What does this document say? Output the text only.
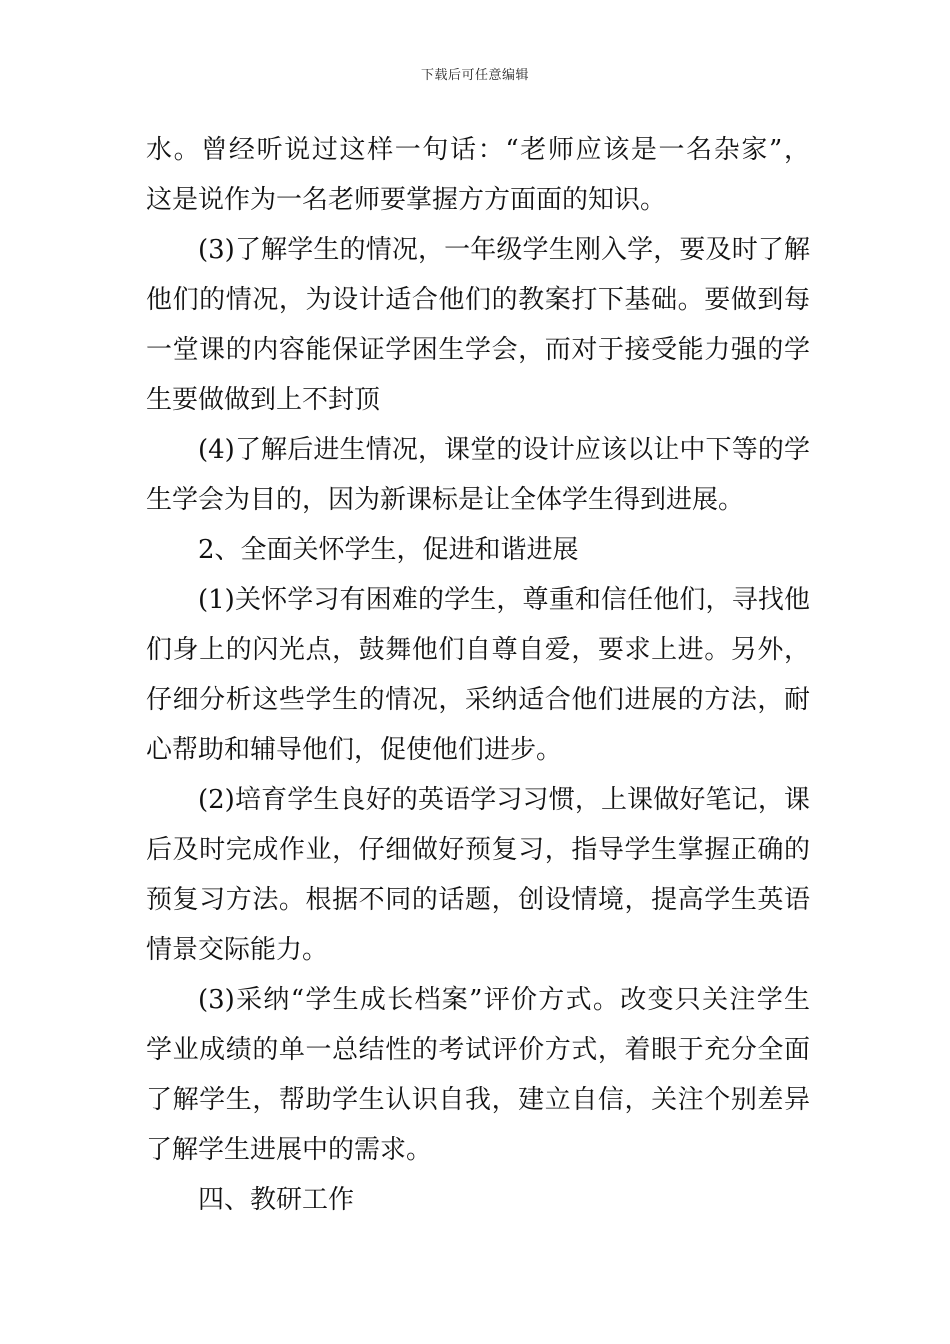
下载后可任意编辑
水。曾经听说过这样一句话：“老师应该是一名杂家”，
这是说作为一名老师要掌握方方面面的知识。
(3)了解学生的情况，一年级学生刚入学，要及时了解
他们的情况，为设计适合他们的教案打下基础。要做到每
一堂课的内容能保证学困生学会，而对于接受能力强的学
生要做做到上不封顶
(4)了解后进生情况，课堂的设计应该以让中下等的学
生学会为目的，因为新课标是让全体学生得到进展。
2、全面关怀学生，促进和谐进展
(1)关怀学习有困难的学生，尊重和信任他们，寻找他
们身上的闪光点，鼓舞他们自尊自爱，要求上进。另外，
仔细分析这些学生的情况，采纳适合他们进展的方法，耐
心帮助和辅导他们，促使他们进步。
(2)培育学生良好的英语学习习惯，上课做好笔记，课
后及时完成作业，仔细做好预复习，指导学生掌握正确的
预复习方法。根据不同的话题，创设情境，提高学生英语
情景交际能力。
(3)采纳“学生成长档案”评价方式。改变只关注学生
学业成绩的单一总结性的考试评价方式，着眼于充分全面
了解学生，帮助学生认识自我，建立自信，关注个别差异
了解学生进展中的需求。
四、教研工作
